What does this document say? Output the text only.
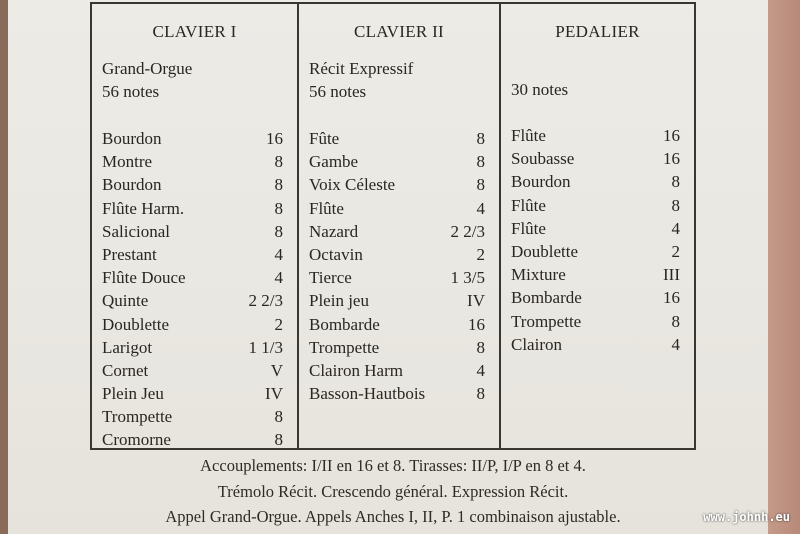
CLAVIER I
Grand-Orgue
56 notes
Bourdon	16
Montre	8
Bourdon	8
Flûte Harm.	8
Salicional	8
Prestant	4
Flûte Douce	4
Quinte	2 2/3
Doublette	2
Larigot	1 1/3
Cornet	V
Plein Jeu	IV
Trompette	8
Cromorne	8
CLAVIER II
Récit Expressif
56 notes
Fûte	8
Gambe	8
Voix Céleste	8
Flûte	4
Nazard	2 2/3
Octavin	2
Tierce	1 3/5
Plein jeu	IV
Bombarde	16
Trompette	8
Clairon Harm	4
Basson-Hautbois	8
PEDALIER
30 notes
Flûte	16
Soubasse	16
Bourdon	8
Flûte	8
Flûte	4
Doublette	2
Mixture	III
Bombarde	16
Trompette	8
Clairon	4
Accouplements: I/II en 16 et 8. Tirasses: II/P, I/P en 8 et 4.
Trémolo Récit. Crescendo général. Expression Récit.
Appel Grand-Orgue. Appels Anches I, II, P. 1 combinaison ajustable.	www.johnh.eu
